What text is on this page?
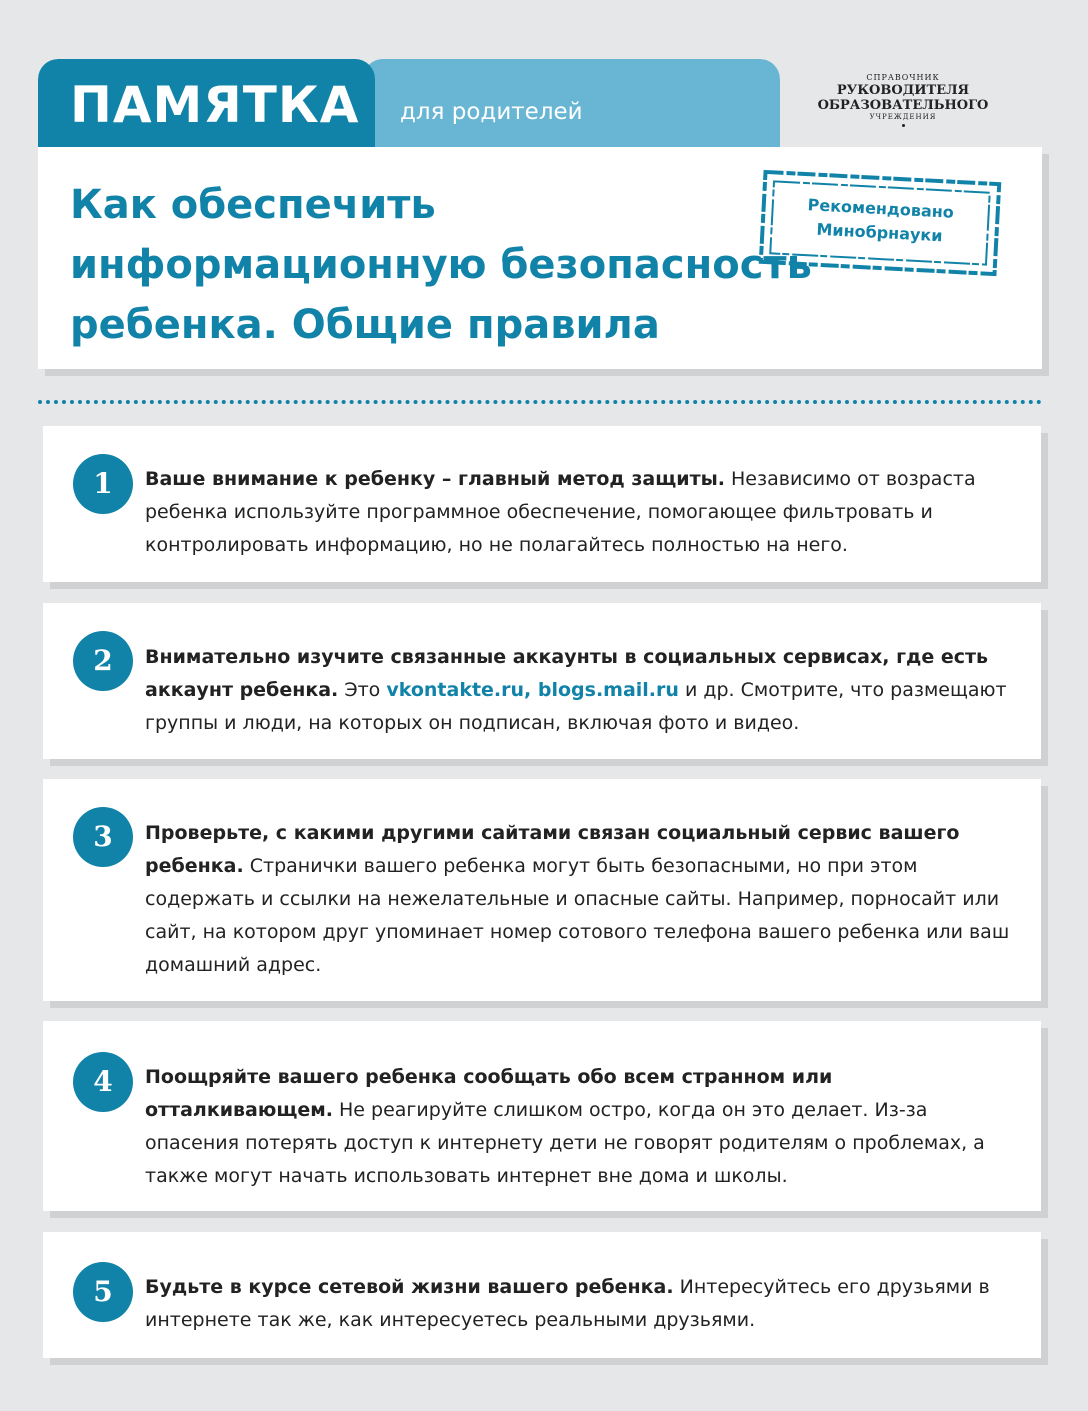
ПАМЯТКА для родителей
СПРАВОЧНИК
РУКОВОДИТЕЛЯ
ОБРАЗОВАТЕЛЬНОГО
УЧРЕЖДЕНИЯ
Как обеспечить
информационную безопасность
ребенка. Общие правила
Рекомендовано
Минобрнауки
1	Ваше внимание к ребенку – главный метод защиты. Независимо от возраста ребенка используйте программное обеспечение, помогающее фильтровать и контролировать информацию, но не полагайтесь полностью на него.

2	Внимательно изучите связанные аккаунты в социальных сервисах, где есть аккаунт ребенка. Это vkontakte.ru, blogs.mail.ru и др. Смотрите, что размещают группы и люди, на которых он подписан, включая фото и видео.

3	Проверьте, с какими другими сайтами связан социальный сервис вашего ребенка. Странички вашего ребенка могут быть безопасными, но при этом содержать и ссылки на нежелательные и опасные сайты. Например, порносайт или сайт, на котором друг упоминает номер сотового телефона вашего ребенка или ваш домашний адрес.

4	Поощряйте вашего ребенка сообщать обо всем странном или отталкивающем. Не реагируйте слишком остро, когда он это делает. Из-за опасения потерять доступ к интернету дети не говорят родителям о проблемах, а также могут начать использовать интернет вне дома и школы.

5	Будьте в курсе сетевой жизни вашего ребенка. Интересуйтесь его друзьями в интернете так же, как интересуетесь реальными друзьями.
